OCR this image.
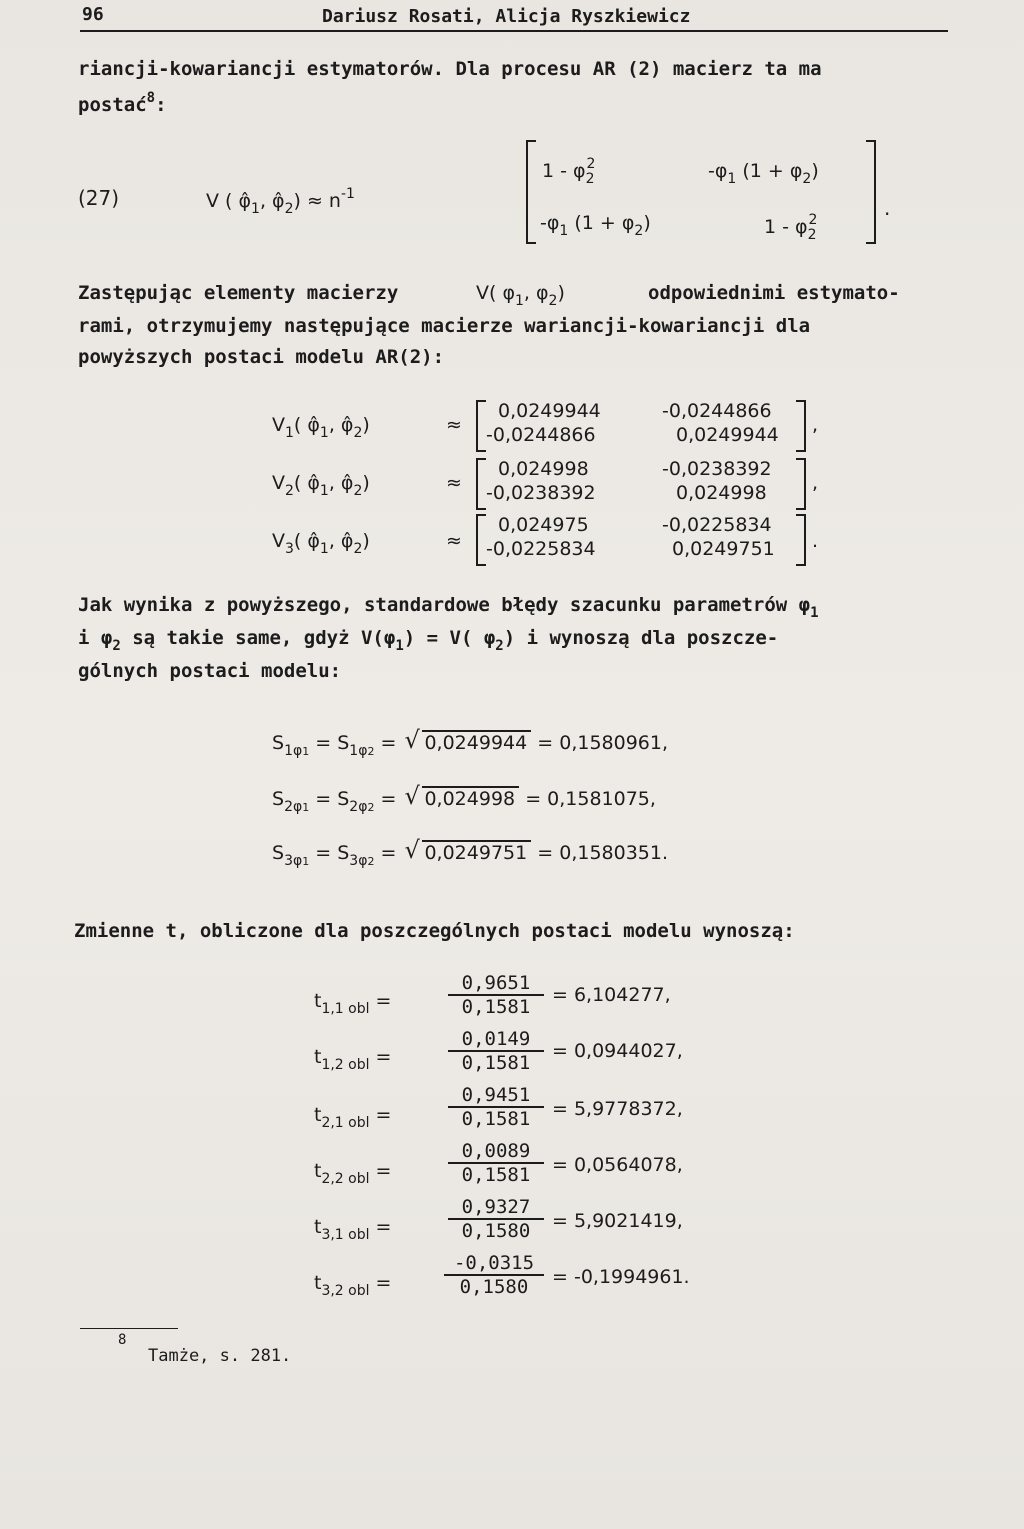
96	Dariusz Rosati, Alicja Ryszkiewicz
riancji-kowariancji estymatorów. Dla procesu AR (2) macierz ta ma
postać$^8$:
(27)	V ( $\varphî_1$, $\varphî_2) \approx n^{-1}$
$1 - \varphi_2^2$	$-\varphi_1$ $(1 + \varphi_2)$
$-\varphi_1$ $(1 + \varphi_2)$	$1 - \varphi_2^2$	.
Zastępując elementy macierzy	V( $\varphi_1$, $\varphi_2$)	odpowiednimi estymato-
rami, otrzymujemy następujące macierze wariancji-kowariancji dla
powyższych postaci modelu AR(2):
$V_1$( $\varphî_1$, $\varphî_2$)	≈
0,0249944	-0,0244866
-0,0244866	0,0249944 ,
$V_2$( $\varphî_1$, $\varphî_2$)	≈
0,024998	-0,0238392
-0,0238392	0,024998 ,
$V_3$( $\varphî_1$, $\varphî_2$)	≈
0,024975	-0,0225834
-0,0225834	0,0249751 .
Jak wynika z powyższego, standardowe błędy szacunku parametrów $\varphi_1$
i $\varphi_2$ są takie same, gdyż $V(\varphi_1) = V$( $\varphi_2$) i wynoszą dla poszcze-
gólnych postaci modelu:
$S_{1\varphi 1} = S_{1\varphi 2}$ = √ 0,0249944 = 0,1580961,
$S_{2\varphi 1} = S_{2\varphi 2}$ = √ 0,024998 = 0,1581075,
$S_{3\varphi 1} = S_{3\varphi 2}$ = √ 0,0249751 = 0,1580351.
Zmienne t, obliczone dla poszczególnych postaci modelu wynoszą:
$t_{1,1 obl}$ =	$\frac{0,9651}{0,1581} = 6,104277$,
$t_{1,2 obl}$ =	$\frac{0,0149}{0,1581} = 0,0944027$,
$t_{2,1 obl}$ =	$\frac{0,9451}{0,1581} = 5,9778372$,
$t_{2,2 obl}$ =	$\frac{0,0089}{0,1581} = 0,0564078$,
$t_{3,1 obl}$ =	$\frac{0,9327}{0,1580} = 5,9021419$,
$t_{3,2 obl}$ =	$\frac{-0,0315}{0,1580} = -0,1994961$.
8
Tamże, s. 281.
